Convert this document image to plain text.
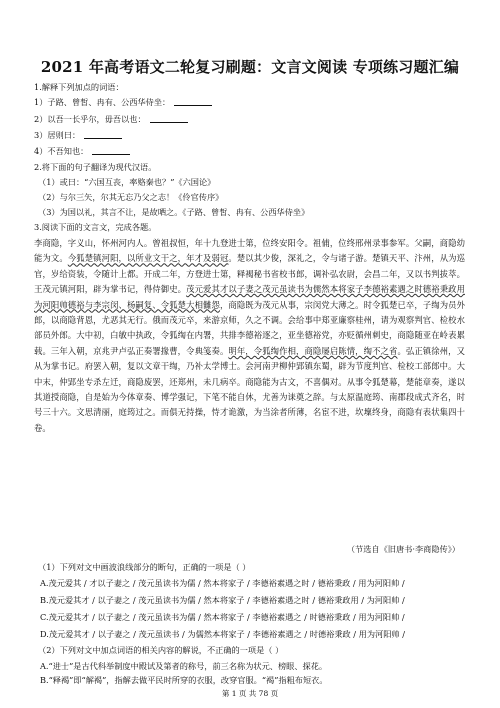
2021 年高考语文二轮复习刷题：文言文阅读 专项练习题汇编
1.解释下列加点的词语：
1）子路、曾皙、冉有、公西华侍坐：
2）以吾一长乎尔，毋吾以也：
3）居则曰：
4）不吾知也：
2.将下面的句子翻译为现代汉语。
（1）或曰：“六国互丧，率赂秦也？”《六国论》
（2）与尔三矢，尔其无忘乃父之志！《伶官传序》
（3）为国以礼，其言不让，是故哂之。《子路、曾皙、冉有、公西华侍坐》
3.阅读下面的文言文，完成各题。
李商隐，字义山，怀州河内人。曾祖叔恒，年十九登进士第，位终安阳令。祖俌，位终邢州录事参军。父嗣，商隐幼能为文。今狐楚镇河阳，以所业文干之，年才及弱冠。楚以其少俊，深礼之，令与诸子游。楚镇天平、汴州，从为巡官，岁给资装，令随计上都。开成二年，方登进士第，释褐秘书省校书郎，调补弘农尉，会昌二年，又以书判拔萃。王茂元镇河阳，辟为掌书记，得侍御史。茂元爱其才以子妻之茂元虽读书为儒然本将家子李德裕素遇之时德裕秉政用为河阳帅德裕与李宗闵、杨嗣复、令狐楚大相雠怨，商隐既为茂元从事，宗闵党大薄之。时令狐楚已卒，子绹为员外郎，以商隐背恩，尤恶其无行。俄而茂元卒，来游京师，久之不调。会给事中郑亚廉察桂州，请为观察判官、检校水部员外郎。大中初，白敏中执政，令狐绹在内署，共排李德裕逐之，亚坐德裕党，亦贬循州刺史，商隐随亚在岭表累载。三年入朝，京兆尹卢弘正奏署掾曹，令典笺奏。明年，令狐绹作相，商隐屡启陈情，绹不之省。弘正镇徐州，又从为掌书记。府罢入朝，复以文章干绹，乃补太学博士。会河南尹柳仲郢镇东蜀，辟为节度判官、检校工部郎中。大中末，仲郢坐专杀左迁，商隐废罢，还郑州，未几病卒。商隐能为古文，不喜偶对。从事令狐楚幕，楚能章奏，遂以其道授商隐，自是始为今体章奏、博学强记，下笔不能自休，尤善为诔奠之辞。与太原温庭筠、南郡段成式齐名，时号三十六。文思清丽，庭筠过之。而俱无持操，恃才诡激，为当涂者所薄，名宦不进，坎壈终身，商隐有表状集四十卷。
（节选自《旧唐书·李商隐传》）
（1）下列对文中画波浪线部分的断句，正确的一项是（ ）
A.茂元爱其 / 才以子妻之 / 茂元虽读书为儒 / 然本将家子 / 李德裕素遇之时 / 德裕秉政 / 用为河阳帅 /
B.茂元爱其才 / 以子妻之 / 茂元虽读书为儒 / 然本将家子 / 李德裕素遇之时 / 德裕秉政用 / 为河阳帅 /
C.茂元爱其才 / 以子妻之 / 茂元虽读书为儒 / 然本将家子 / 李德裕素遇之 / 时德裕秉政 / 用为河阳帅 /
D.茂元爱其才 / 以子妻之 / 茂元虽读书 / 为儒然本将家子 / 李德裕素遇之 / 时德裕秉政 / 用为河阳帅 /
（2）下列对文中加点词语的相关内容的解说，不正确的一项是（ ）
A.“进士”是古代科举制度中殿试及第者的称号，前三名称为状元、榜眼、探花。
B.“释褐”即“解褐”，指解去做平民时所穿的衣服，改穿官服。“褐”指粗布短衣。
第 1 页 共 78 页
